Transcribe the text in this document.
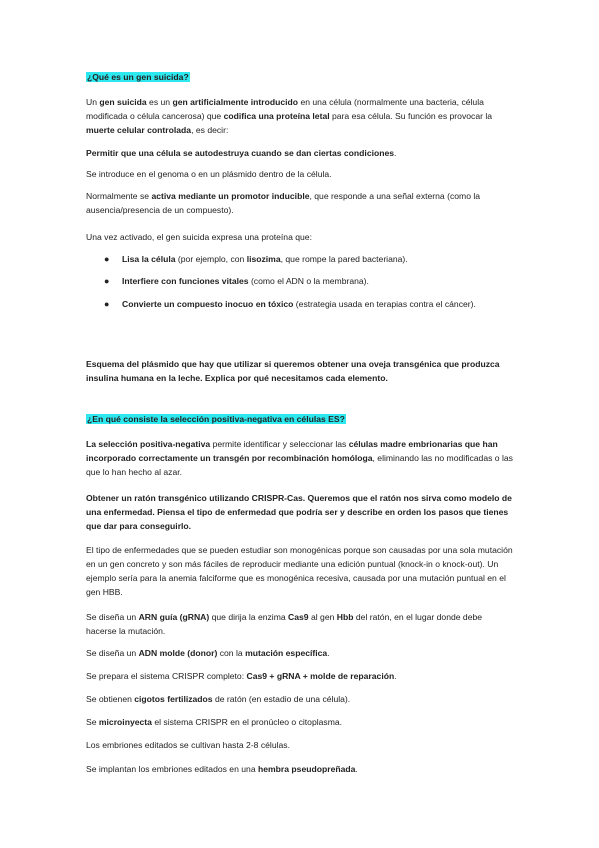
¿Qué es un gen suicida?

Un gen suicida es un gen artificialmente introducido en una célula (normalmente una bacteria, célula modificada o célula cancerosa) que codifica una proteína letal para esa célula. Su función es provocar la muerte celular controlada, es decir:

Permitir que una célula se autodestruya cuando se dan ciertas condiciones.

Se introduce en el genoma o en un plásmido dentro de la célula.

Normalmente se activa mediante un promotor inducible, que responde a una señal externa (como la ausencia/presencia de un compuesto).

Una vez activado, el gen suicida expresa una proteína que:

● Lisa la célula (por ejemplo, con lisozima, que rompe la pared bacteriana).

● Interfiere con funciones vitales (como el ADN o la membrana).

● Convierte un compuesto inocuo en tóxico (estrategia usada en terapias contra el cáncer).

Esquema del plásmido que hay que utilizar si queremos obtener una oveja transgénica que produzca insulina humana en la leche. Explica por qué necesitamos cada elemento.

¿En qué consiste la selección positiva-negativa en células ES?

La selección positiva-negativa permite identificar y seleccionar las células madre embrionarias que han incorporado correctamente un transgén por recombinación homóloga, eliminando las no modificadas o las que lo han hecho al azar.

Obtener un ratón transgénico utilizando CRISPR-Cas. Queremos que el ratón nos sirva como modelo de una enfermedad. Piensa el tipo de enfermedad que podría ser y describe en orden los pasos que tienes que dar para conseguirlo.

El tipo de enfermedades que se pueden estudiar son monogénicas porque son causadas por una sola mutación en un gen concreto y son más fáciles de reproducir mediante una edición puntual (knock-in o knock-out). Un ejemplo sería para la anemia falciforme que es monogénica recesiva, causada por una mutación puntual en el gen HBB.

Se diseña un ARN guía (gRNA) que dirija la enzima Cas9 al gen Hbb del ratón, en el lugar donde debe hacerse la mutación.

Se diseña un ADN molde (donor) con la mutación específica.

Se prepara el sistema CRISPR completo: Cas9 + gRNA + molde de reparación.

Se obtienen cigotos fertilizados de ratón (en estadio de una célula).

Se microinyecta el sistema CRISPR en el pronúcleo o citoplasma.

Los embriones editados se cultivan hasta 2-8 células.

Se implantan los embriones editados en una hembra pseudopreñada.
